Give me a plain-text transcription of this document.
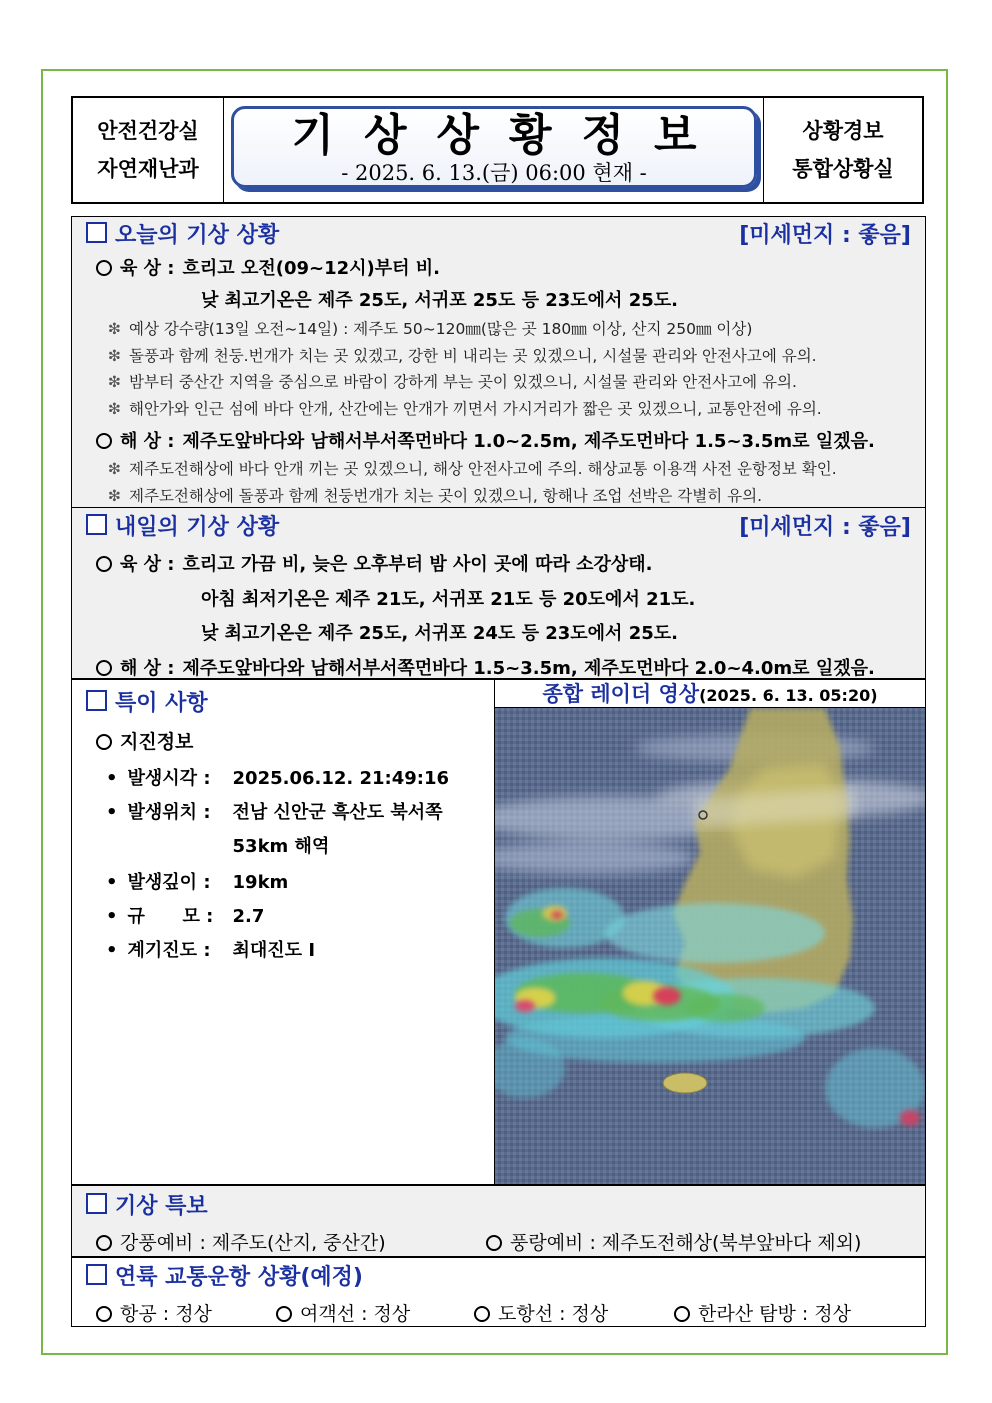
안전건강실
자연재난과
기상상황정보
- 2025. 6. 13.(금) 06:00 현재 -
상황경보
통합상황실
오늘의 기상 상황	[미세먼지 : 좋음]
육 상 : 흐리고 오전(09~12시)부터 비.
낮 최고기온은 제주 25도, 서귀포 25도 등 23도에서 25도.
❇ 예상 강수량(13일 오전~14일) : 제주도 50~120㎜(많은 곳 180㎜ 이상, 산지 250㎜ 이상)
❇ 돌풍과 함께 천둥.번개가 치는 곳 있겠고, 강한 비 내리는 곳 있겠으니, 시설물 관리와 안전사고에 유의.
❇ 밤부터 중산간 지역을 중심으로 바람이 강하게 부는 곳이 있겠으니, 시설물 관리와 안전사고에 유의.
❇ 해안가와 인근 섬에 바다 안개, 산간에는 안개가 끼면서 가시거리가 짧은 곳 있겠으니, 교통안전에 유의.
해 상 : 제주도앞바다와 남해서부서쪽먼바다 1.0~2.5m, 제주도먼바다 1.5~3.5m로 일겠음.
❇ 제주도전해상에 바다 안개 끼는 곳 있겠으니, 해상 안전사고에 주의. 해상교통 이용객 사전 운항정보 확인.
❇ 제주도전해상에 돌풍과 함께 천둥번개가 치는 곳이 있겠으니, 항해나 조업 선박은 각별히 유의.
내일의 기상 상황	[미세먼지 : 좋음]
육 상 : 흐리고 가끔 비, 늦은 오후부터 밤 사이 곳에 따라 소강상태.
아침 최저기온은 제주 21도, 서귀포 21도 등 20도에서 21도.
낮 최고기온은 제주 25도, 서귀포 24도 등 23도에서 25도.
해 상 : 제주도앞바다와 남해서부서쪽먼바다 1.5~3.5m, 제주도먼바다 2.0~4.0m로 일겠음.
특이 사항
지진정보
• 발생시각 : 2025.06.12. 21:49:16
• 발생위치 : 전남 신안군 흑산도 북서쪽
53km 해역
• 발생깊이 : 19km
• 규      모 : 2.7
• 계기진도 : 최대진도 Ⅰ
종합 레이더 영상(2025. 6. 13. 05:20)
기상 특보
강풍예비 : 제주도(산지, 중산간)	풍랑예비 : 제주도전해상(북부앞바다 제외)
연륙 교통운항 상황(예정)
항공 : 정상	여객선 : 정상	도항선 : 정상	한라산 탐방 : 정상
